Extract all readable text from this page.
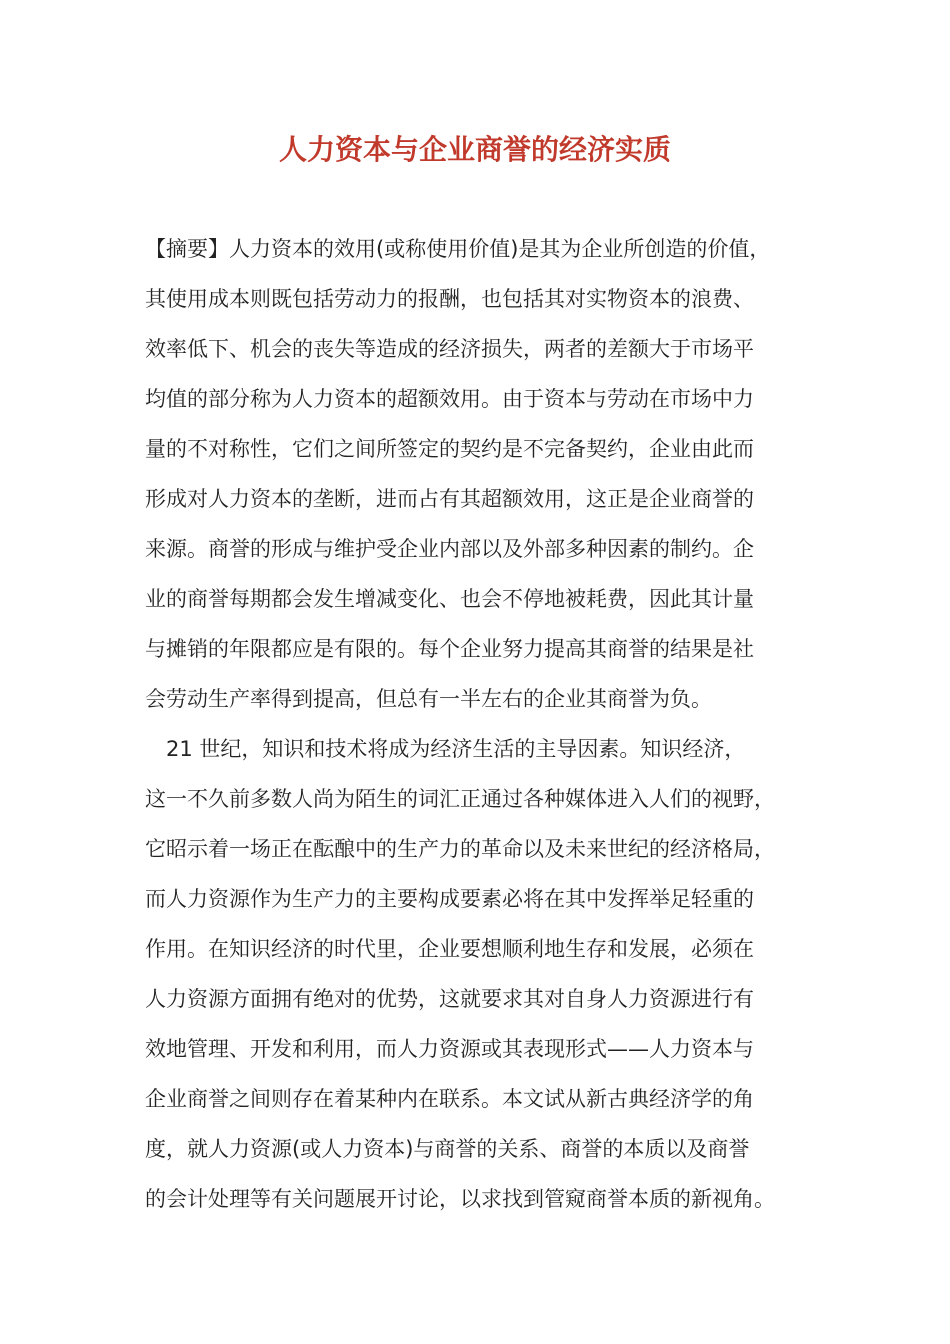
人力资本与企业商誉的经济实质
【摘要】人力资本的效用(或称使用价值)是其为企业所创造的价值，
其使用成本则既包括劳动力的报酬，也包括其对实物资本的浪费、
效率低下、机会的丧失等造成的经济损失，两者的差额大于市场平
均值的部分称为人力资本的超额效用。由于资本与劳动在市场中力
量的不对称性，它们之间所签定的契约是不完备契约，企业由此而
形成对人力资本的垄断，进而占有其超额效用，这正是企业商誉的
来源。商誉的形成与维护受企业内部以及外部多种因素的制约。企
业的商誉每期都会发生增减变化、也会不停地被耗费，因此其计量
与摊销的年限都应是有限的。每个企业努力提高其商誉的结果是社
会劳动生产率得到提高，但总有一半左右的企业其商誉为负。
　21 世纪，知识和技术将成为经济生活的主导因素。知识经济，
这一不久前多数人尚为陌生的词汇正通过各种媒体进入人们的视野，
它昭示着一场正在酝酿中的生产力的革命以及未来世纪的经济格局，
而人力资源作为生产力的主要构成要素必将在其中发挥举足轻重的
作用。在知识经济的时代里，企业要想顺利地生存和发展，必须在
人力资源方面拥有绝对的优势，这就要求其对自身人力资源进行有
效地管理、开发和利用，而人力资源或其表现形式——人力资本与
企业商誉之间则存在着某种内在联系。本文试从新古典经济学的角
度，就人力资源(或人力资本)与商誉的关系、商誉的本质以及商誉
的会计处理等有关问题展开讨论，以求找到管窥商誉本质的新视角。
